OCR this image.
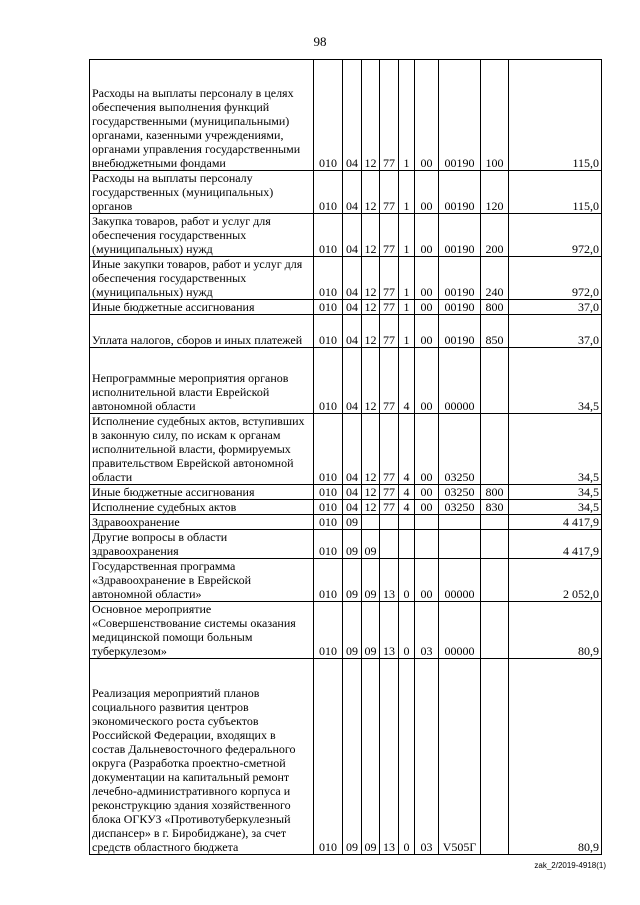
98
Расходы на выплаты персоналу в целях обеспечения выполнения функций государственными (муниципальными) органами, казенными учреждениями, органами управления государственными внебюджетными фондами	010	04	12	77	1	00	00190	100	115,0
Расходы на выплаты персоналу государственных (муниципальных) органов	010	04	12	77	1	00	00190	120	115,0
Закупка товаров, работ и услуг для обеспечения государственных (муниципальных) нужд	010	04	12	77	1	00	00190	200	972,0
Иные закупки товаров, работ и услуг для обеспечения государственных (муниципальных) нужд	010	04	12	77	1	00	00190	240	972,0
Иные бюджетные ассигнования	010	04	12	77	1	00	00190	800	37,0
Уплата налогов, сборов и иных платежей	010	04	12	77	1	00	00190	850	37,0
Непрограммные мероприятия органов исполнительной власти Еврейской автономной области	010	04	12	77	4	00	00000		34,5
Исполнение судебных актов, вступивших в законную силу, по искам к органам исполнительной власти, формируемых правительством Еврейской автономной области	010	04	12	77	4	00	03250		34,5
Иные бюджетные ассигнования	010	04	12	77	4	00	03250	800	34,5
Исполнение судебных актов	010	04	12	77	4	00	03250	830	34,5
Здравоохранение	010	09							4 417,9
Другие вопросы в области здравоохранения	010	09	09						4 417,9
Государственная программа «Здравоохранение в Еврейской автономной области»	010	09	09	13	0	00	00000		2 052,0
Основное мероприятие «Совершенствование системы оказания медицинской помощи больным туберкулезом»	010	09	09	13	0	03	00000		80,9
Реализация мероприятий планов социального развития центров экономического роста субъектов Российской Федерации, входящих в состав Дальневосточного федерального округа (Разработка проектно-сметной документации на капитальный ремонт лечебно-административного корпуса и реконструкцию здания хозяйственного блока ОГКУЗ «Противотуберкулезный диспансер» в г. Биробиджане), за счет средств областного бюджета	010	09	09	13	0	03	V505Г		80,9
zak_2/2019-4918(1)
